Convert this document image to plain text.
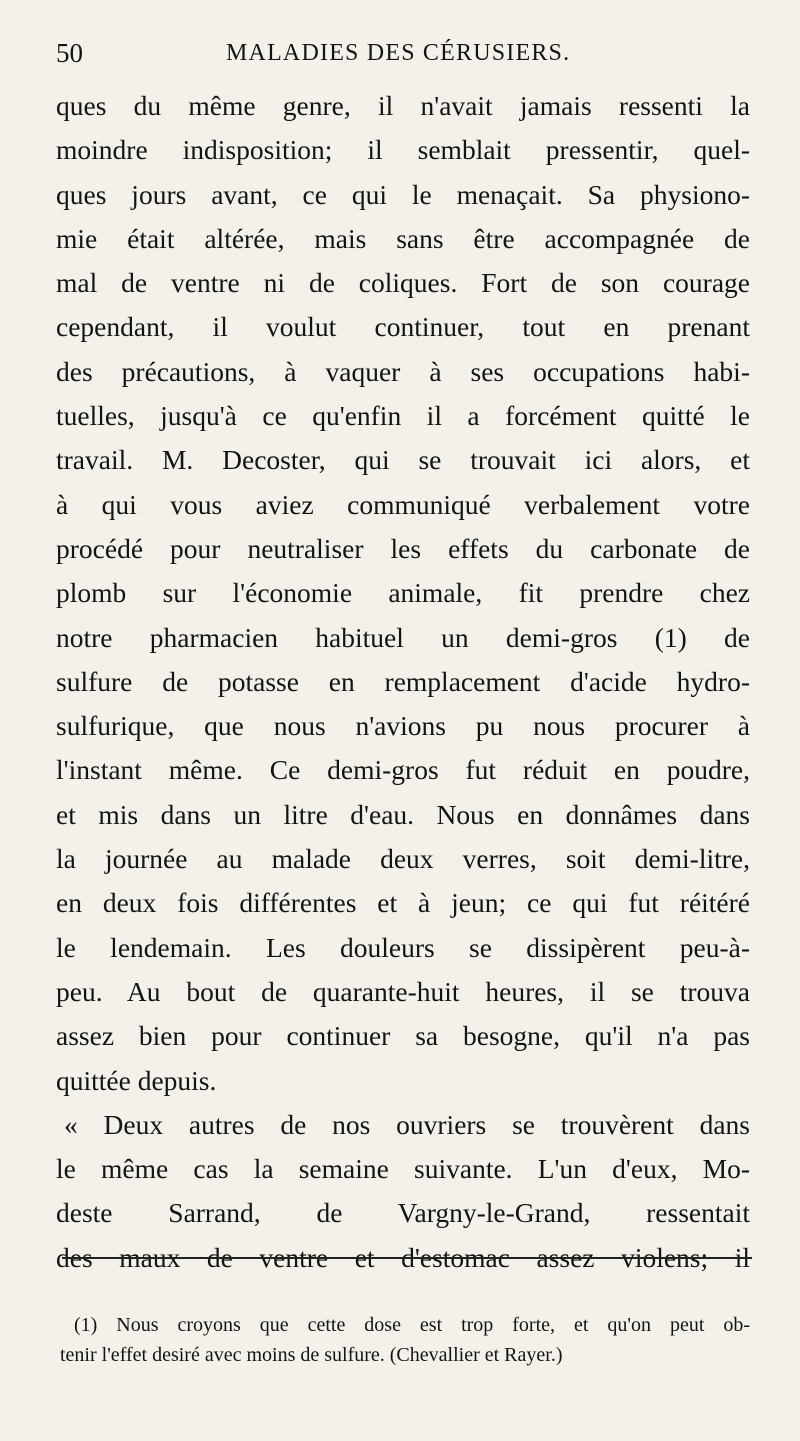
50	MALADIES DES CÉRUSIERS.
ques du même genre, il n'avait jamais ressenti la
moindre indisposition; il semblait pressentir, quel-
ques jours avant, ce qui le menaçait. Sa physiono-
mie était altérée, mais sans être accompagnée de
mal de ventre ni de coliques. Fort de son courage
cependant, il voulut continuer, tout en prenant
des précautions, à vaquer à ses occupations habi-
tuelles, jusqu'à ce qu'enfin il a forcément quitté le
travail. M. Decoster, qui se trouvait ici alors, et
à qui vous aviez communiqué verbalement votre
procédé pour neutraliser les effets du carbonate de
plomb sur l'économie animale, fit prendre chez
notre pharmacien habituel un demi-gros (1) de
sulfure de potasse en remplacement d'acide hydro-
sulfurique, que nous n'avions pu nous procurer à
l'instant même. Ce demi-gros fut réduit en poudre,
et mis dans un litre d'eau. Nous en donnâmes dans
la journée au malade deux verres, soit demi-litre,
en deux fois différentes et à jeun; ce qui fut réitéré
le lendemain. Les douleurs se dissipèrent peu-à-
peu. Au bout de quarante-huit heures, il se trouva
assez bien pour continuer sa besogne, qu'il n'a pas
quittée depuis.
« Deux autres de nos ouvriers se trouvèrent dans
le même cas la semaine suivante. L'un d'eux, Mo-
deste Sarrand, de Vargny-le-Grand, ressentait
des maux de ventre et d'estomac assez violens; il
(1) Nous croyons que cette dose est trop forte, et qu'on peut ob-
tenir l'effet desiré avec moins de sulfure. (Chevallier et Rayer.)
